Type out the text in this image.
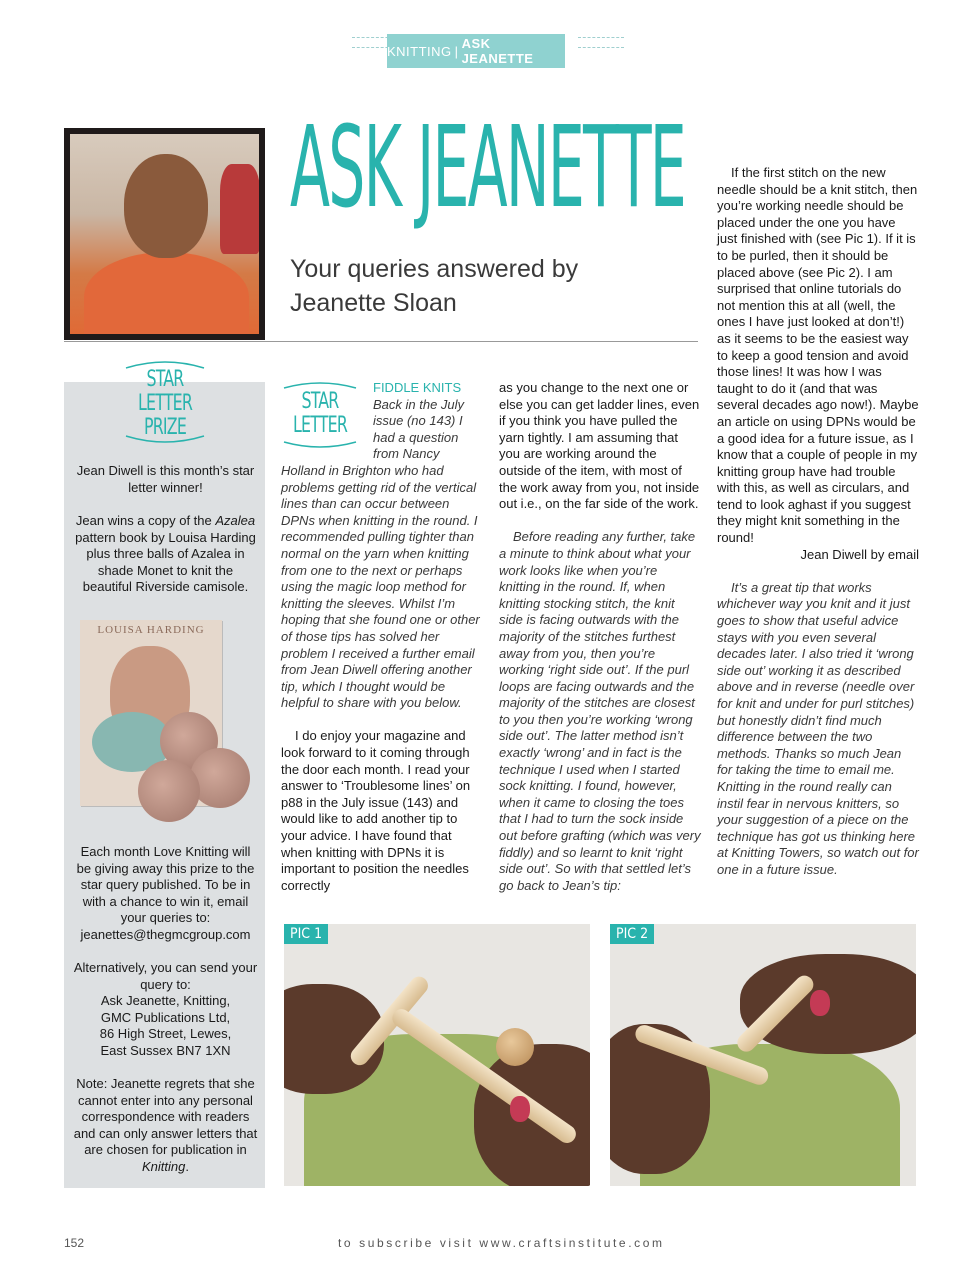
KNITTING | ASK JEANETTE
ASK JEANETTE
Your queries answered by Jeanette Sloan
STAR
LETTER
PRIZE
Jean Diwell is this month’s star letter winner!
Jean wins a copy of the Azalea pattern book by Louisa Harding plus three balls of Azalea in shade Monet to knit the beautiful Riverside camisole.
LOUISA HARDING
Each month Love Knitting will be giving away this prize to the star query published. To be in with a chance to win it, email your queries to:
jeanettes@thegmcgroup.com
Alternatively, you can send your query to:
Ask Jeanette, Knitting,
GMC Publications Ltd,
86 High Street, Lewes,
East Sussex BN7 1XN
Note: Jeanette regrets that she cannot enter into any personal correspondence with readers and can only answer letters that are chosen for publication in Knitting.
STAR
LETTER
FIDDLE KNITS

Back in the July issue (no 143) I had a question from Nancy Holland in Brighton who had problems getting rid of the vertical lines than can occur between DPNs when knitting in the round. I recommended pulling tighter than normal on the yarn when knitting from one to the next or perhaps using the magic loop method for knitting the sleeves. Whilst I’m hoping that she found one or other of those tips has solved her problem I received a further email from Jean Diwell offering another tip, which I thought would be helpful to share with you below.

I do enjoy your magazine and look forward to it coming through the door each month. I read your answer to ‘Troublesome lines’ on p88 in the July issue (143) and would like to add another tip to your advice. I have found that when knitting with DPNs it is important to position the needles correctly

as you change to the next one or else you can get ladder lines, even if you think you have pulled the yarn tightly. I am assuming that you are working around the outside of the item, with most of the work away from you, not inside out i.e., on the far side of the work.

Before reading any further, take a minute to think about what your work looks like when you’re knitting in the round. If, when knitting stocking stitch, the knit side is facing outwards with the majority of the stitches furthest away from you, then you’re working ‘right side out’. If the purl loops are facing outwards and the majority of the stitches are closest to you then you’re working ‘wrong side out’. The latter method isn’t exactly ‘wrong’ and in fact is the technique I used when I started sock knitting. I found, however, when it came to closing the toes that I had to turn the sock inside out before grafting (which was very fiddly) and so learnt to knit ‘right side out’. So with that settled let’s go back to Jean’s tip:

If the first stitch on the new needle should be a knit stitch, then you’re working needle should be placed under the one you have just finished with (see Pic 1). If it is to be purled, then it should be placed above (see Pic 2). I am surprised that online tutorials do not mention this at all (well, the ones I have just looked at don’t!) as it seems to be the easiest way to keep a good tension and avoid those lines! It was how I was taught to do it (and that was several decades ago now!). Maybe an article on using DPNs would be a good idea for a future issue, as I know that a couple of people in my knitting group have had trouble with this, as well as circulars, and tend to look aghast if you suggest they might knit something in the round!

Jean Diwell by email

It’s a great tip that works whichever way you knit and it just goes to show that useful advice stays with you even several decades later. I also tried it ‘wrong side out’ working it as described above and in reverse (needle over for knit and under for purl stitches) but honestly didn’t find much difference between the two methods. Thanks so much Jean for taking the time to email me. Knitting in the round really can instil fear in nervous knitters, so your suggestion of a piece on the technique has got us thinking here at Knitting Towers, so watch out for one in a future issue.

PIC 1	PIC 2
152	to subscribe visit www.craftsinstitute.com
